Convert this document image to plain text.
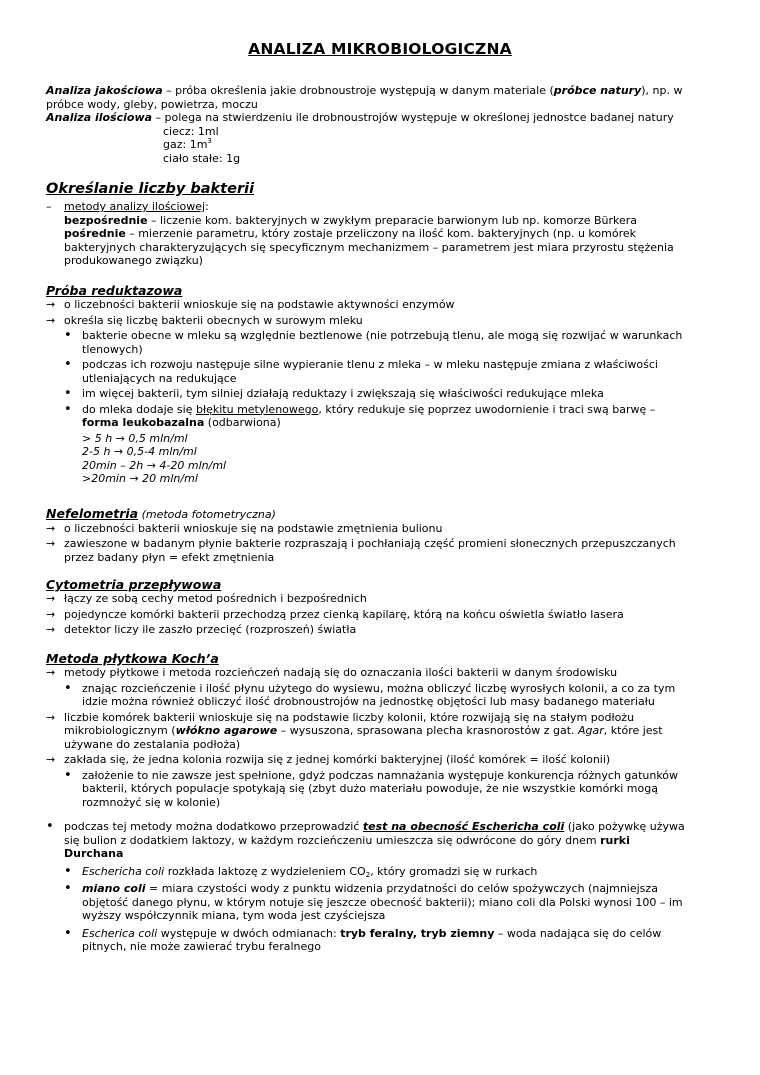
ANALIZA MIKROBIOLOGICZNA
Analiza jakościowa – próba określenia jakie drobnoustroje występują w danym materiale (próbce natury), np. w
próbce wody, gleby, powietrza, moczu
Analiza ilościowa – polega na stwierdzeniu ile drobnoustrojów występuje w określonej jednostce badanej natury
ciecz: 1ml
gaz: $1m^3$
ciało stałe: 1g
Określanie liczby bakterii
–	metody analizy ilościowej:
bezpośrednie – liczenie kom. bakteryjnych w zwykłym preparacie barwionym lub np. komorze Bürkera
pośrednie – mierzenie parametru, który zostaje przeliczony na ilość kom. bakteryjnych (np. u komórek
bakteryjnych charakteryzujących się specyficznym mechanizmem – parametrem jest miara przyrostu stężenia
produkowanego związku)
Próba reduktazowa
→ o liczebności bakterii wnioskuje się na podstawie aktywności enzymów
→ określa się liczbę bakterii obecnych w surowym mleku
• bakterie obecne w mleku są względnie beztlenowe (nie potrzebują tlenu, ale mogą się rozwijać w warunkach
tlenowych)
• podczas ich rozwoju następuje silne wypieranie tlenu z mleka – w mleku następuje zmiana z właściwości
utleniających na redukujące
• im więcej bakterii, tym silniej działają reduktazy i zwiększają się właściwości redukujące mleka
• do mleka dodaje się błękitu metylenowego, który redukuje się poprzez uwodornienie i traci swą barwę –
forma leukobazalna (odbarwiona)
> 5 h → 0,5 mln/ml
2-5 h → 0,5-4 mln/ml
20min – 2h → 4-20 mln/ml
>20min → 20 mln/ml
Nefelometria (metoda fotometryczna)
→ o liczebności bakterii wnioskuje się na podstawie zmętnienia bulionu
→ zawieszone w badanym płynie bakterie rozpraszają i pochłaniają część promieni słonecznych przepuszczanych
przez badany płyn = efekt zmętnienia
Cytometria przepływowa
→ łączy ze sobą cechy metod pośrednich i bezpośrednich
→ pojedyncze komórki bakterii przechodzą przez cienką kapilarę, którą na końcu oświetla światło lasera
→ detektor liczy ile zaszło przecięć (rozproszeń) światła
Metoda płytkowa Koch’a
→ metody płytkowe i metoda rozcieńczeń nadają się do oznaczania ilości bakterii w danym środowisku
• znając rozcieńczenie i ilość płynu użytego do wysiewu, można obliczyć liczbę wyrosłych kolonii, a co za tym
idzie można również obliczyć ilość drobnoustrojów na jednostkę objętości lub masy badanego materiału
→ liczbie komórek bakterii wnioskuje się na podstawie liczby kolonii, które rozwijają się na stałym podłożu
mikrobiologicznym (włókno agarowe – wysuszona, sprasowana plecha krasnorostów z gat. Agar, które jest
używane do zestalania podłoża)
→ zakłada się, że jedna kolonia rozwija się z jednej komórki bakteryjnej (ilość komórek = ilość kolonii)
• założenie to nie zawsze jest spełnione, gdyż podczas namnażania występuje konkurencja różnych gatunków
bakterii, których populacje spotykają się (zbyt dużo materiału powoduje, że nie wszystkie komórki mogą
rozmnożyć się w kolonie)
• podczas tej metody można dodatkowo przeprowadzić test na obecność Eschericha coli (jako pożywkę używa
się bulion z dodatkiem laktozy, w każdym rozcieńczeniu umieszcza się odwrócone do góry dnem rurki
Durchana
• Eschericha coli rozkłada laktozę z wydzieleniem $CO_2$, który gromadzi się w rurkach
• miano coli = miara czystości wody z punktu widzenia przydatności do celów spożywczych (najmniejsza
objętość danego płynu, w którym notuje się jeszcze obecność bakterii); miano coli dla Polski wynosi 100 – im
wyższy współczynnik miana, tym woda jest czyściejsza
• Escherica coli występuje w dwóch odmianach: tryb feralny, tryb ziemny – woda nadająca się do celów
pitnych, nie może zawierać trybu feralnego
